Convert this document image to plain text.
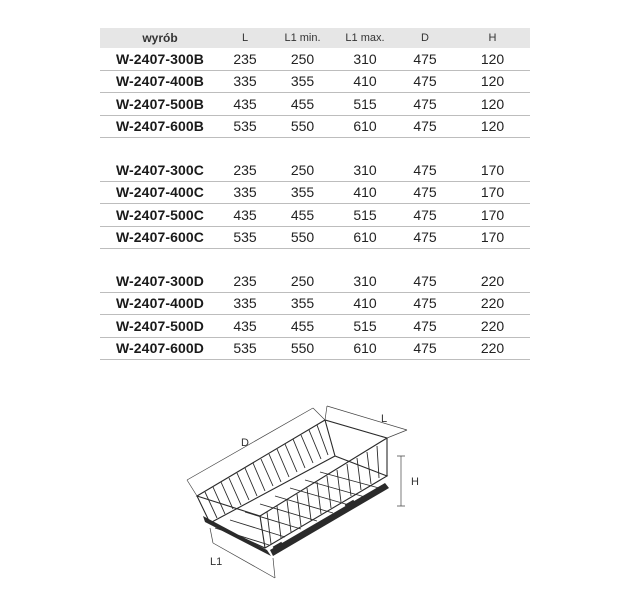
wyrób	L	L1 min.	L1 max.	D	H
W-2407-300B	235	250	310	475	120
W-2407-400B	335	355	410	475	120
W-2407-500B	435	455	515	475	120
W-2407-600B	535	550	610	475	120
W-2407-300C	235	250	310	475	170
W-2407-400C	335	355	410	475	170
W-2407-500C	435	455	515	475	170
W-2407-600C	535	550	610	475	170
W-2407-300D	235	250	310	475	220
W-2407-400D	335	355	410	475	220
W-2407-500D	435	455	515	475	220
W-2407-600D	535	550	610	475	220
D
L
H
L1
